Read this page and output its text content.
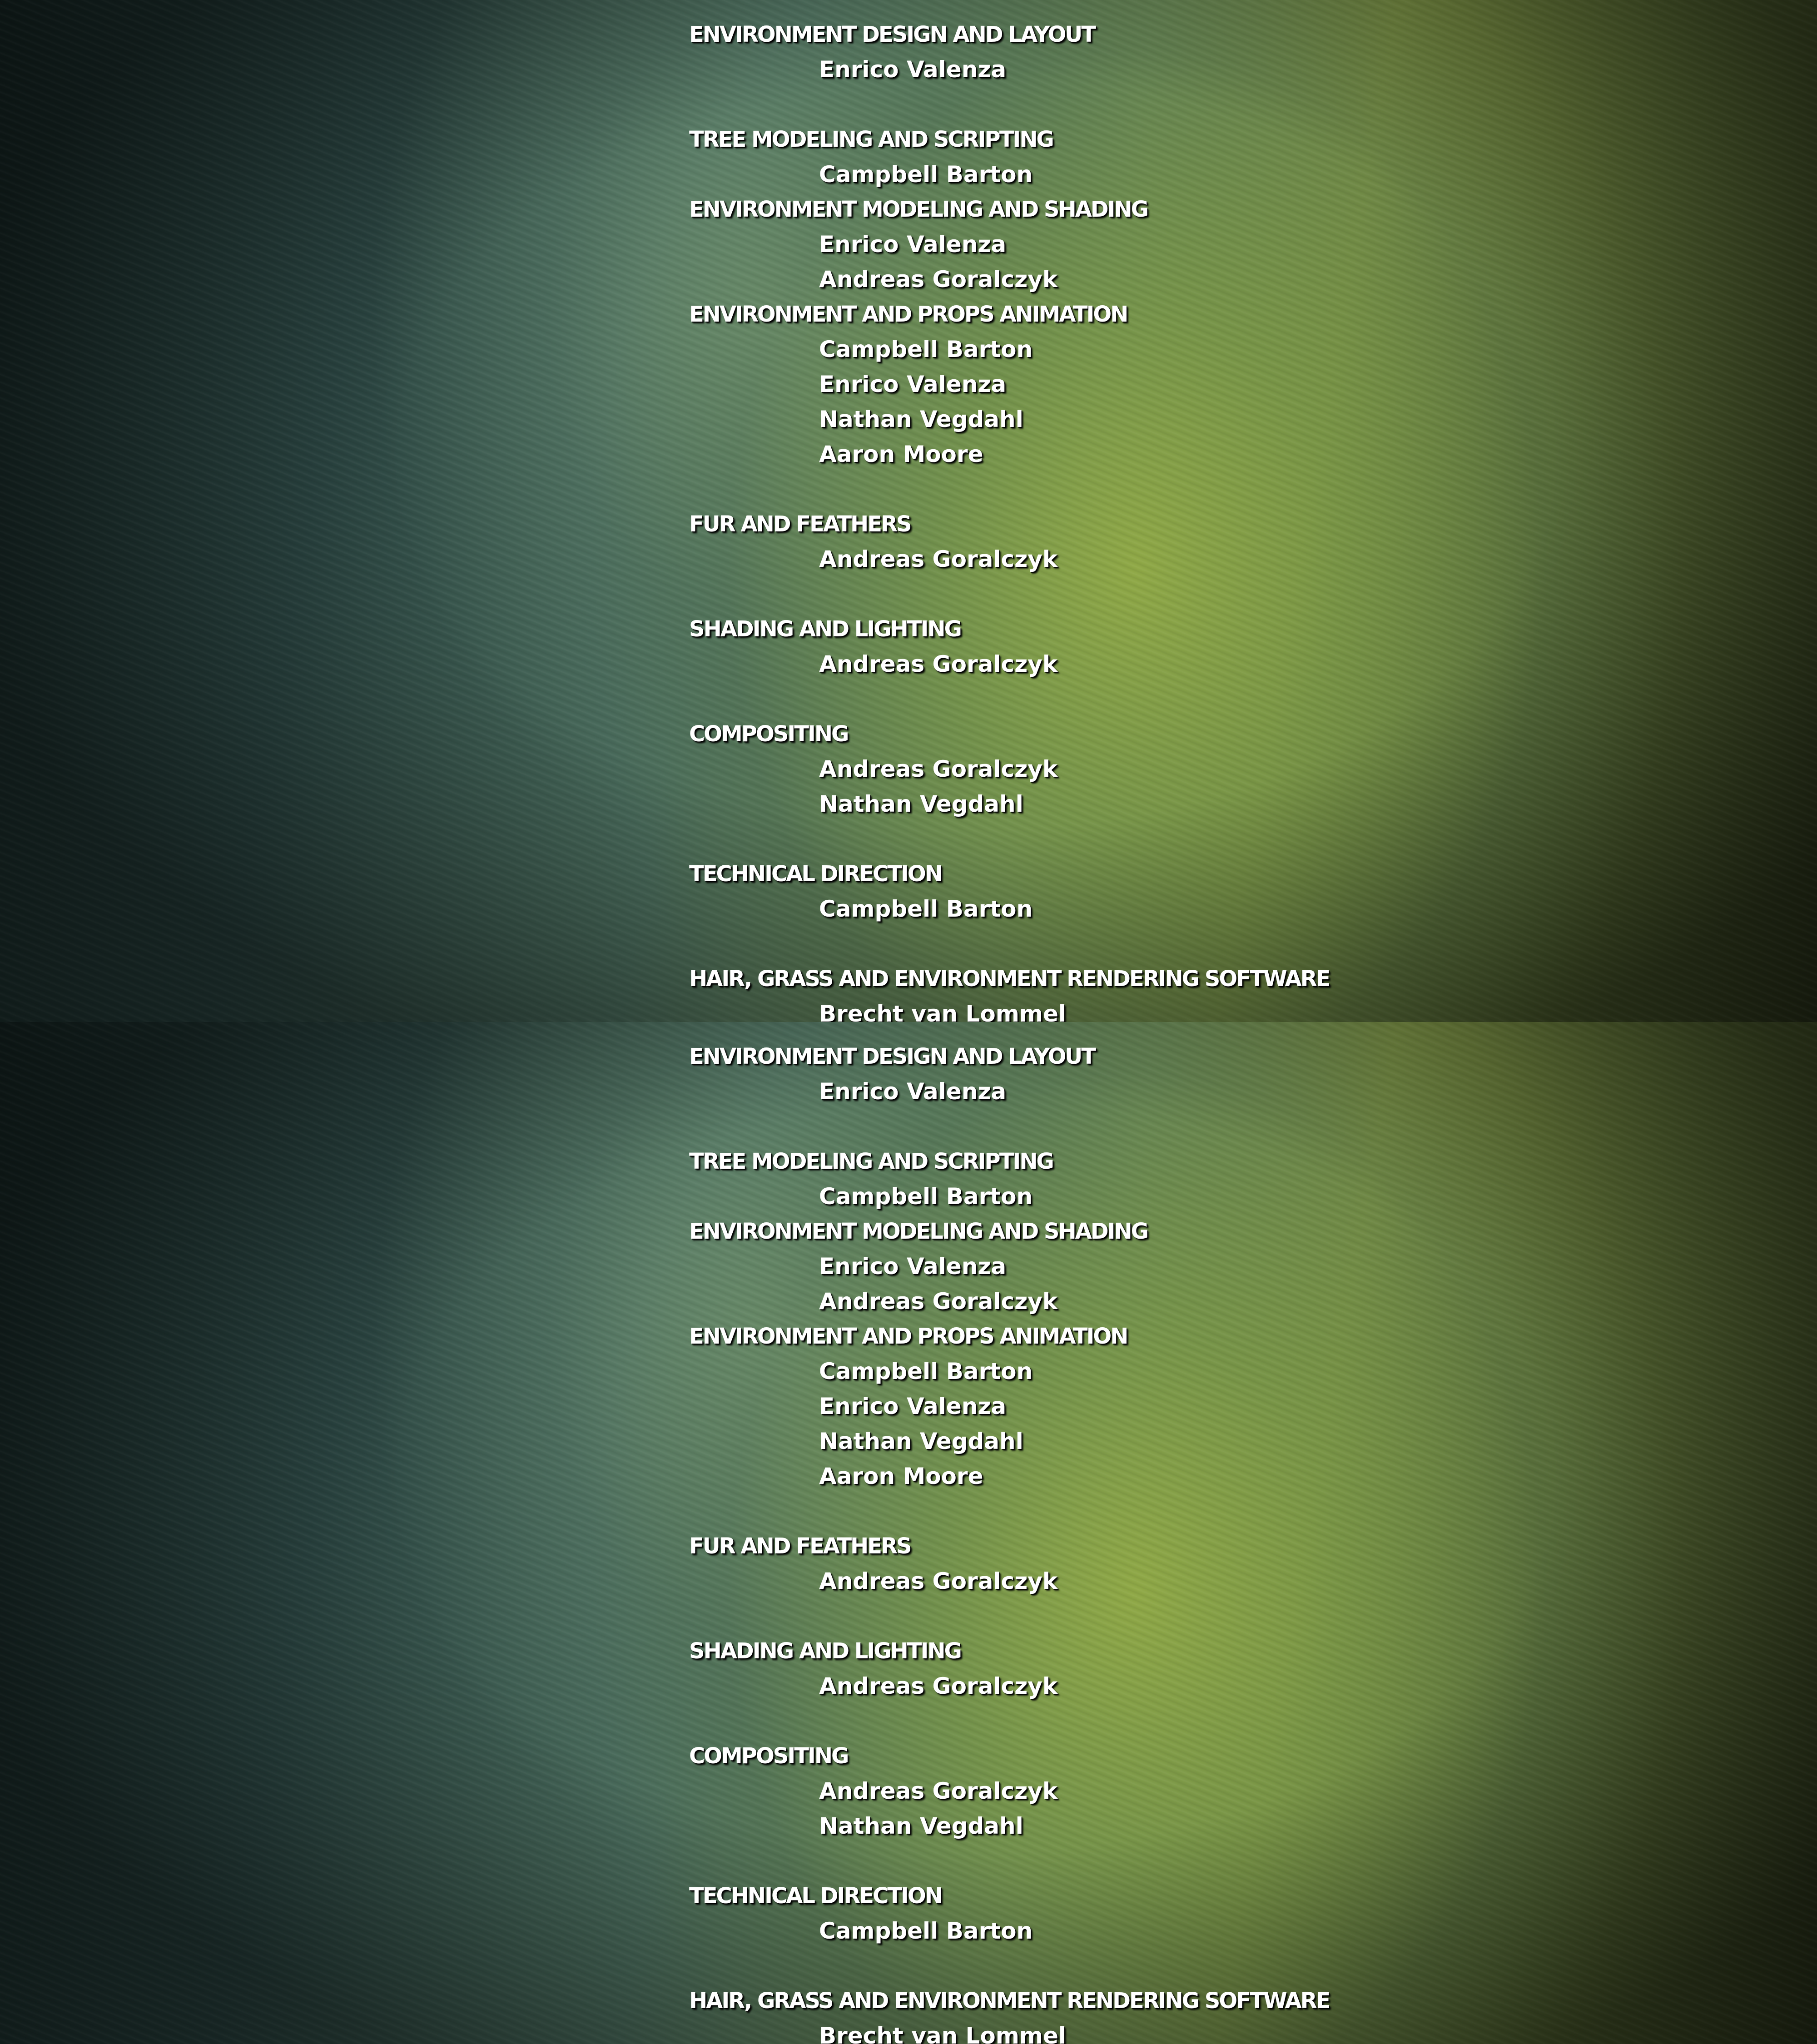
ENVIRONMENT DESIGN AND LAYOUT
Enrico Valenza
TREE MODELING AND SCRIPTING
Campbell Barton
ENVIRONMENT MODELING AND SHADING
Enrico Valenza
Andreas Goralczyk
ENVIRONMENT AND PROPS ANIMATION
Campbell Barton
Enrico Valenza
Nathan Vegdahl
Aaron Moore
FUR AND FEATHERS
Andreas Goralczyk
SHADING AND LIGHTING
Andreas Goralczyk
COMPOSITING
Andreas Goralczyk
Nathan Vegdahl
TECHNICAL DIRECTION
Campbell Barton
HAIR, GRASS AND ENVIRONMENT RENDERING SOFTWARE
Brecht van Lommel
ENVIRONMENT DESIGN AND LAYOUT
Enrico Valenza
TREE MODELING AND SCRIPTING
Campbell Barton
ENVIRONMENT MODELING AND SHADING
Enrico Valenza
Andreas Goralczyk
ENVIRONMENT AND PROPS ANIMATION
Campbell Barton
Enrico Valenza
Nathan Vegdahl
Aaron Moore
FUR AND FEATHERS
Andreas Goralczyk
SHADING AND LIGHTING
Andreas Goralczyk
COMPOSITING
Andreas Goralczyk
Nathan Vegdahl
TECHNICAL DIRECTION
Campbell Barton
HAIR, GRASS AND ENVIRONMENT RENDERING SOFTWARE
Brecht van Lommel
